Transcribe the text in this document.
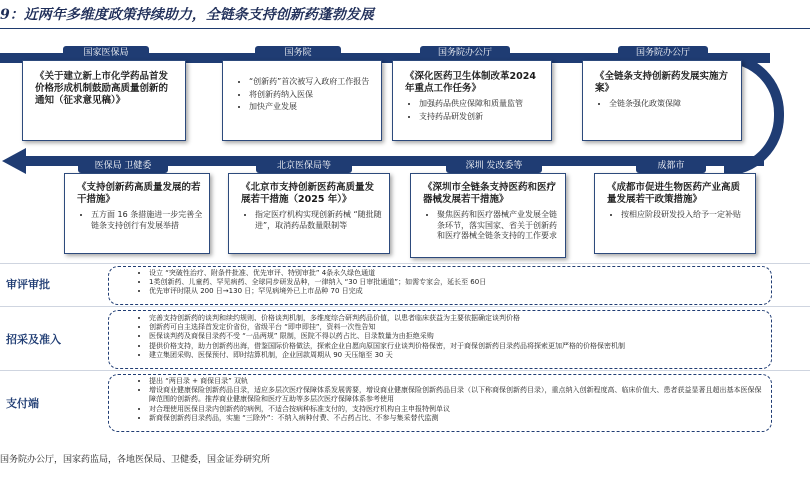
9：近两年多维度政策持续助力，全链条支持创新药蓬勃发展
国家医保局	国务院	国务院办公厅	国务院办公厅
《关于建立新上市化学药品首发价格形成机制鼓励高质量创新的通知（征求意见稿）》
• “创新药”首次被写入政府工作报告
• 将创新药纳入医保
• 加快产业发展
《深化医药卫生体制改革2024年重点工作任务》
• 加强药品供应保障和质量监管
• 支持药品研发创新
《全链条支持创新药发展实施方案》
• 全链条强化政策保障
医保局 卫健委	北京医保局等	深圳 发改委等	成都市
《支持创新药高质量发展的若干措施》
• 五方面 16 条措施进一步完善全链条支持创行有发展举措
《北京市支持创新医药高质量发展若干措施（2025 年）》
• 指定医疗机构实现创新药械 “随批随进”，取消药品数量限制等
《深圳市全链条支持医药和医疗器械发展若干措施》
• 聚焦医药和医疗器械产业发展全链条环节，落实国家、省关于创新药和医疗器械全链条支持的工作要求
《成都市促进生物医药产业高质量发展若干政策措施》
• 按相应阶段研发投入给予一定补贴
审评审批
• 设立 “突破性治疗、附条件批准、优先审评、特别审批” 4条永久绿色通道
• 1类创新药、儿童药、罕见病药、全球同步研发品种，一律纳入 “30 日审批通道”；如需专家会，延长至 60日
• 优先审评时限从 200 日→130 日；罕见病境外已上市品种 70 日完成
招采及准入
• 完善支持创新药的谈判和续约规则、价格谈判机制，多维度综合研判药品价值，以患者临床获益为主要依据确定谈判价格
• 创新药可自主选择首发定价省份，省级平台 “即申即挂”，资料一次性告知
• 医保谈判药及商保目录药不受 “一品两规” 限制，医院不得以药占比、目录数量为由拒绝采购
• 提供价格支持，助力创新药出海，借鉴国际价格做法，探索企业自愿向原国家行业谈判价格保密，对于商保创新药目录药品将探索更加严格的价格保密机制
• 建立集团采购、医保预付、即时结算机制，企业回款周期从 90 天压缩至 30 天
支付端
• 提出 “两目录 + 商保目录” 双轨
• 增设商业健康保险创新药品目录，适应多层次医疗保障体系发展需要，增设商业健康保险创新药品目录（以下称商保创新药目录），重点纳入创新程度高、临床价值大、患者获益显著且超出基本医保保障范围的创新药。推荐商业健康保险和医疗互助等多层次医疗保障体系参考使用
• 对合理使用医保目录内创新药的病例，不适合按病种标准支付的，支持医疗机构自主申报特例单议
• 新商保创新药目录药品，实施 “三除外”：不纳入病种付费、不占药占比、不参与集采替代监测
国务院办公厅，国家药监局，各地医保局、卫健委，国金证券研究所
